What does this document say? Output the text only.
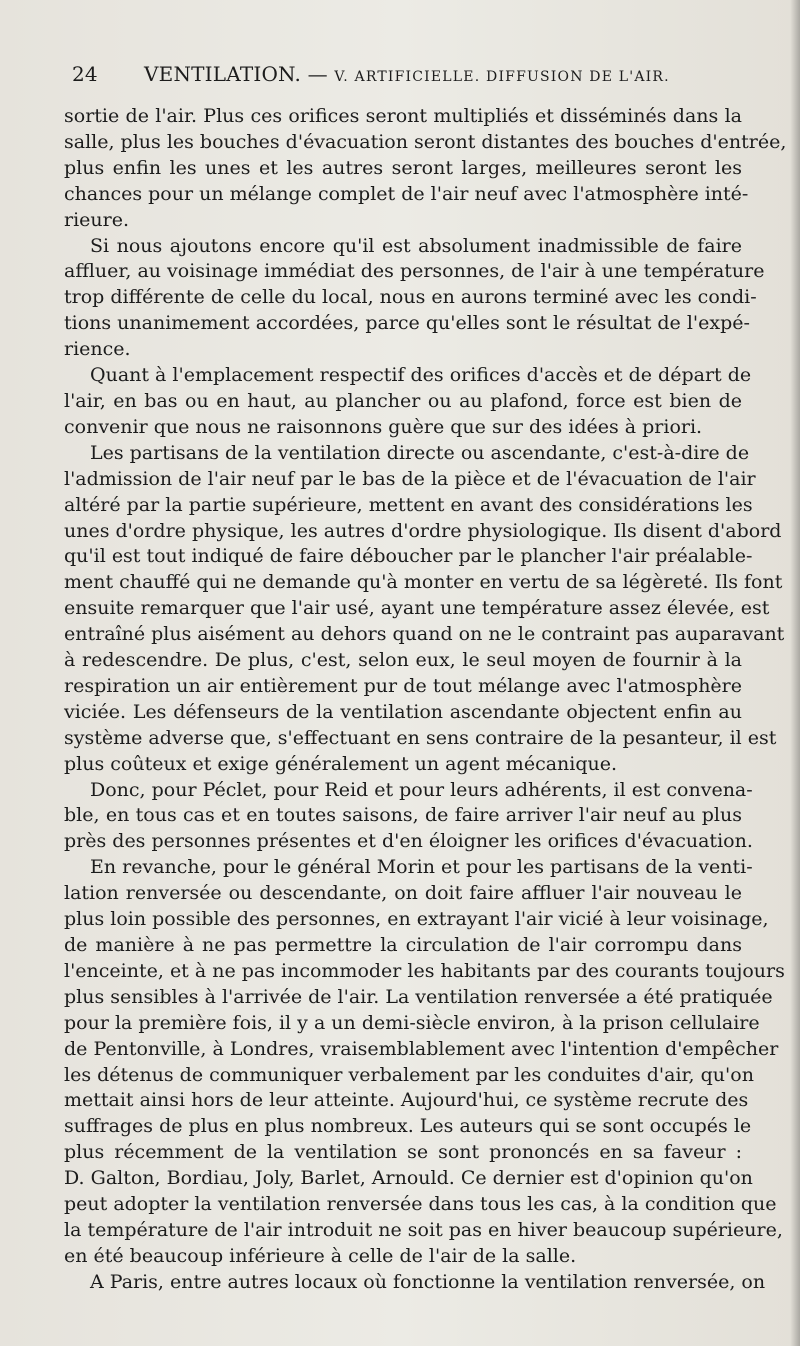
24 VENTILATION. — V. ARTIFICIELLE. DIFFUSION DE L'AIR.

sortie de l'air. Plus ces orifices seront multipliés et disséminés dans la
salle, plus les bouches d'évacuation seront distantes des bouches d'entrée,
plus enfin les unes et les autres seront larges, meilleures seront les
chances pour un mélange complet de l'air neuf avec l'atmosphère inté-
rieure.

Si nous ajoutons encore qu'il est absolument inadmissible de faire
affluer, au voisinage immédiat des personnes, de l'air à une température
trop différente de celle du local, nous en aurons terminé avec les condi-
tions unanimement accordées, parce qu'elles sont le résultat de l'expé-
rience.

Quant à l'emplacement respectif des orifices d'accès et de départ de
l'air, en bas ou en haut, au plancher ou au plafond, force est bien de
convenir que nous ne raisonnons guère que sur des idées à priori.

Les partisans de la ventilation directe ou ascendante, c'est-à-dire de
l'admission de l'air neuf par le bas de la pièce et de l'évacuation de l'air
altéré par la partie supérieure, mettent en avant des considérations les
unes d'ordre physique, les autres d'ordre physiologique. Ils disent d'abord
qu'il est tout indiqué de faire déboucher par le plancher l'air préalable-
ment chauffé qui ne demande qu'à monter en vertu de sa légèreté. Ils font
ensuite remarquer que l'air usé, ayant une température assez élevée, est
entraîné plus aisément au dehors quand on ne le contraint pas auparavant
à redescendre. De plus, c'est, selon eux, le seul moyen de fournir à la
respiration un air entièrement pur de tout mélange avec l'atmosphère
viciée. Les défenseurs de la ventilation ascendante objectent enfin au
système adverse que, s'effectuant en sens contraire de la pesanteur, il est
plus coûteux et exige généralement un agent mécanique.

Donc, pour Péclet, pour Reid et pour leurs adhérents, il est convena-
ble, en tous cas et en toutes saisons, de faire arriver l'air neuf au plus
près des personnes présentes et d'en éloigner les orifices d'évacuation.

En revanche, pour le général Morin et pour les partisans de la venti-
lation renversée ou descendante, on doit faire affluer l'air nouveau le
plus loin possible des personnes, en extrayant l'air vicié à leur voisinage,
de manière à ne pas permettre la circulation de l'air corrompu dans
l'enceinte, et à ne pas incommoder les habitants par des courants toujours
plus sensibles à l'arrivée de l'air. La ventilation renversée a été pratiquée
pour la première fois, il y a un demi-siècle environ, à la prison cellulaire
de Pentonville, à Londres, vraisemblablement avec l'intention d'empêcher
les détenus de communiquer verbalement par les conduites d'air, qu'on
mettait ainsi hors de leur atteinte. Aujourd'hui, ce système recrute des
suffrages de plus en plus nombreux. Les auteurs qui se sont occupés le
plus récemment de la ventilation se sont prononcés en sa faveur :
D. Galton, Bordiau, Joly, Barlet, Arnould. Ce dernier est d'opinion qu'on
peut adopter la ventilation renversée dans tous les cas, à la condition que
la température de l'air introduit ne soit pas en hiver beaucoup supérieure,
en été beaucoup inférieure à celle de l'air de la salle.

A Paris, entre autres locaux où fonctionne la ventilation renversée, on
